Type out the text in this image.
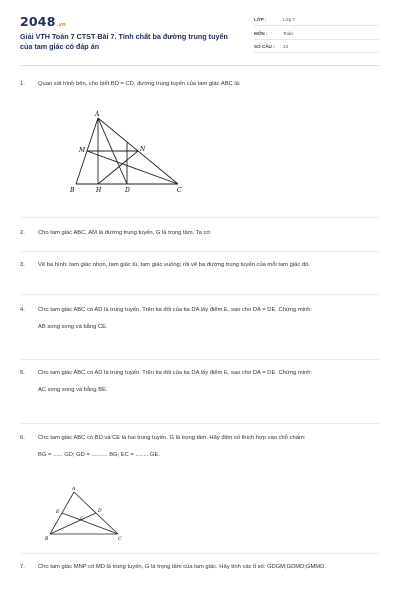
2048.vn
Giải VTH Toán 7 CTST Bài 7. Tính chất ba đường trung tuyến của tam giác có đáp án
LỚP :	Lớp 7
MÔN :	Toán
SỐ CÂU :	13
1. Quan sát hình bên, cho biết BD = CD, đường trung tuyến của tam giác ABC là:
A
M	N
B	H	D	C
2. Cho tam giác ABC, AM là đường trung tuyến, G là trọng tâm. Ta có:
3. Vẽ ba hình: tam giác nhọn, tam giác tù, tam giác vuông; rồi vẽ ba đường trung tuyến của mỗi tam giác đó.
4. Cho tam giác ABC có AD là trung tuyến. Trên tia đối của tia DA lấy điểm E, sao cho DA = DE. Chứng minh:
AB song song và bằng CE.
5. Cho tam giác ABC có AD là trung tuyến. Trên tia đối của tia DA lấy điểm E, sao cho DA = DE. Chứng minh:
AC song song và bằng BE.
6. Cho tam giác ABC có BD và CE là hai trung tuyến. G là trọng tâm. Hãy điền số thích hợp vào chỗ chấm:
BG = ...... GD; GD = .......... BG; EC = ........ GE.
A
E	D
G
B	C
7. Cho tam giác MNP có MD là trung tuyến, G là trọng tâm của tam giác. Hãy tính các tỉ số: GDGM;GDMD;GMMD.
